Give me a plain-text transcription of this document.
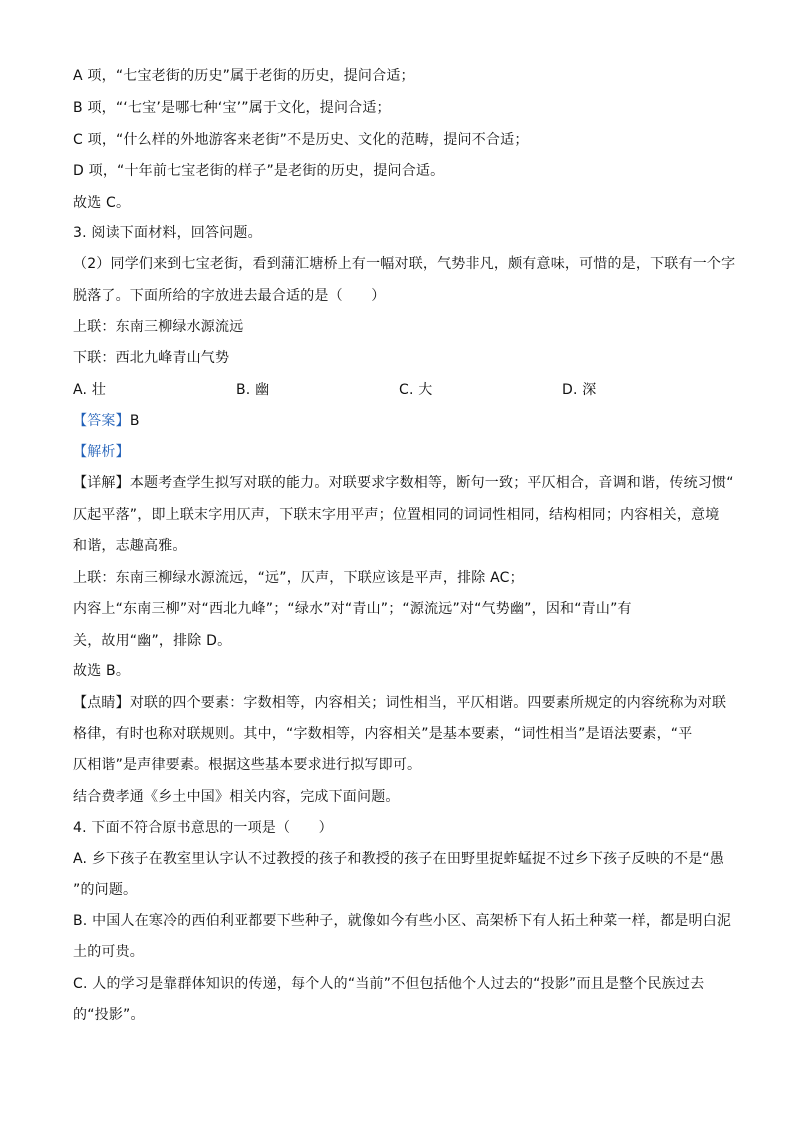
A 项，“七宝老街的历史”属于老街的历史，提问合适；
B 项，“‘七宝’是哪七种‘宝’”属于文化，提问合适；
C 项，“什么样的外地游客来老街”不是历史、文化的范畴，提问不合适；
D 项，“十年前七宝老街的样子”是老街的历史，提问合适。
故选 C。
3. 阅读下面材料，回答问题。
（2）同学们来到七宝老街，看到蒲汇塘桥上有一幅对联，气势非凡，颇有意味，可惜的是，下联有一个字
脱落了。下面所给的字放进去最合适的是（　　）
上联：东南三柳绿水源流远
下联：西北九峰青山气势
A. 壮	B. 幽	C. 大	D. 深
【答案】B
【解析】
【详解】本题考查学生拟写对联的能力。对联要求字数相等，断句一致；平仄相合，音调和谐，传统习惯“
仄起平落”，即上联末字用仄声，下联末字用平声；位置相同的词词性相同，结构相同；内容相关，意境
和谐，志趣高雅。
上联：东南三柳绿水源流远，“远”，仄声，下联应该是平声，排除 AC；
内容上“东南三柳”对“西北九峰”；“绿水”对“青山”；“源流远”对“气势幽”，因和“青山”有
关，故用“幽”，排除 D。
故选 B。
【点睛】对联的四个要素：字数相等，内容相关；词性相当，平仄相谐。四要素所规定的内容统称为对联
格律，有时也称对联规则。其中，“字数相等，内容相关”是基本要素，“词性相当”是语法要素，“平
仄相谐”是声律要素。根据这些基本要求进行拟写即可。
结合费孝通《乡土中国》相关内容，完成下面问题。
4. 下面不符合原书意思的一项是（　　）
A. 乡下孩子在教室里认字认不过教授的孩子和教授的孩子在田野里捉蚱蜢捉不过乡下孩子反映的不是“愚
”的问题。
B. 中国人在寒冷的西伯利亚都要下些种子，就像如今有些小区、高架桥下有人拓土种菜一样，都是明白泥
土的可贵。
C. 人的学习是靠群体知识的传递，每个人的“当前”不但包括他个人过去的“投影”而且是整个民族过去
的“投影”。
